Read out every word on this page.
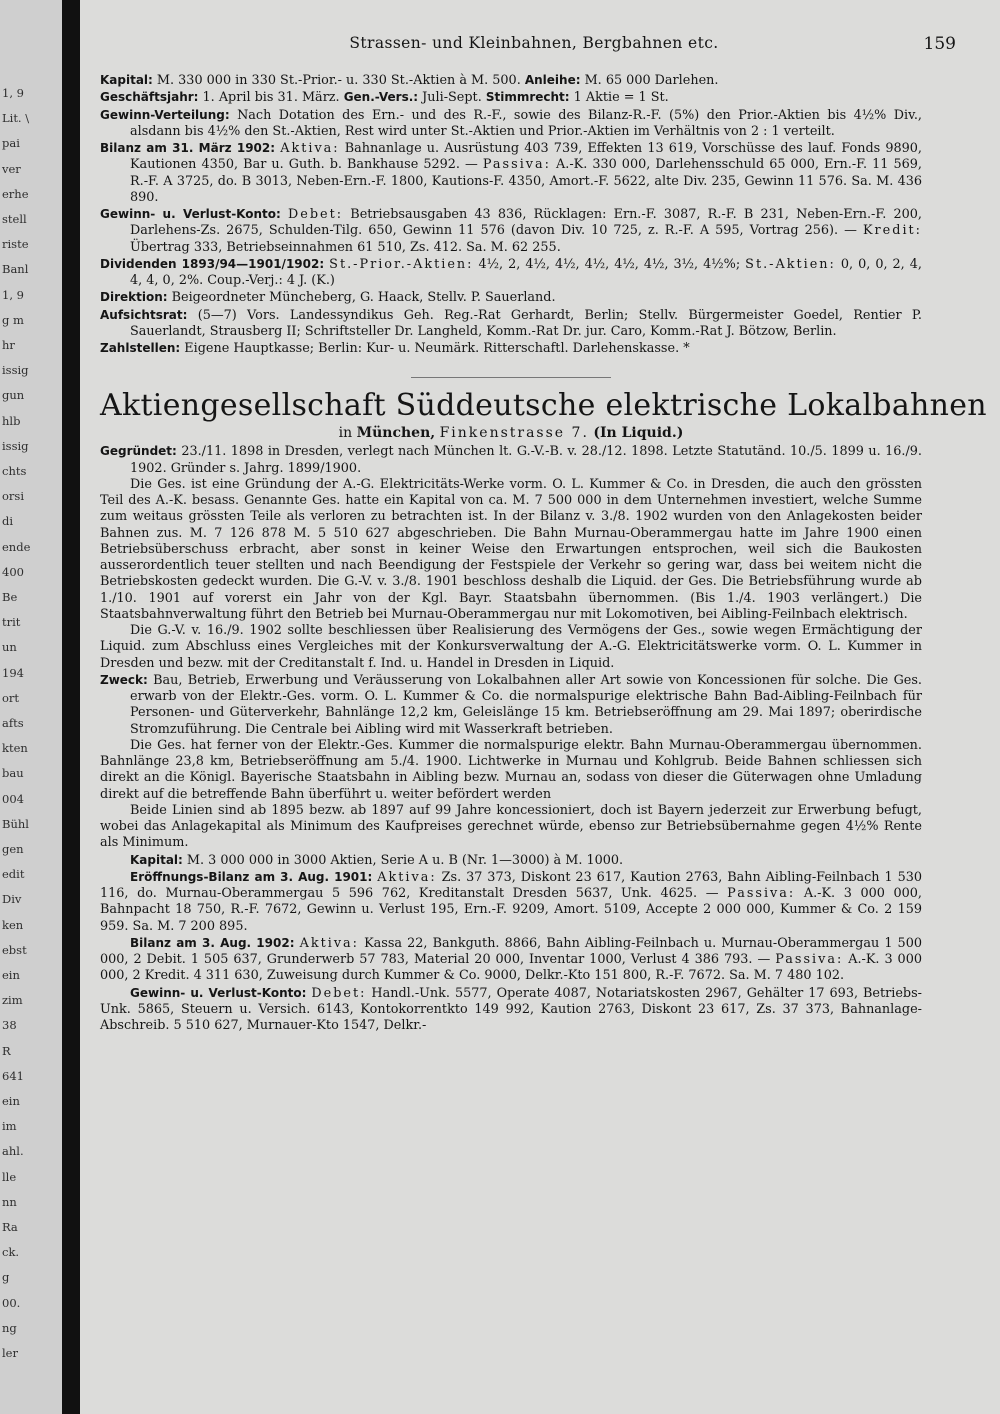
1, 9
Lit. \
pai
ver
erhe
stell
riste
Banl
1, 9
g m
hr
issig
gun
hlb
issig
chts
orsi
di
ende
400
Be
trit
un
194
ort
afts
kten
bau
004
Bühl
gen
edit
Div
ken
ebst
ein
zim
38
R
641
ein
im
ahl.
lle
nn
Ra
ck.
g
00.
ng
ler
Strassen- und Kleinbahnen, Bergbahnen etc.	159

Kapital: M. 330 000 in 330 St.-Prior.- u. 330 St.-Aktien à M. 500. Anleihe: M. 65 000 Darlehen.

Geschäftsjahr: 1. April bis 31. März. Gen.-Vers.: Juli-Sept. Stimmrecht: 1 Aktie = 1 St.

Gewinn-Verteilung: Nach Dotation des Ern.- und des R.-F., sowie des Bilanz-R.-F. (5%) den Prior.-Aktien bis 4½% Div., alsdann bis 4½% den St.-Aktien, Rest wird unter St.-Aktien und Prior.-Aktien im Verhältnis von 2 : 1 verteilt.

Bilanz am 31. März 1902: Aktiva: Bahnanlage u. Ausrüstung 403 739, Effekten 13 619, Vorschüsse des lauf. Fonds 9890, Kautionen 4350, Bar u. Guth. b. Bankhause 5292. — Passiva: A.-K. 330 000, Darlehensschuld 65 000, Ern.-F. 11 569, R.-F. A 3725, do. B 3013, Neben-Ern.-F. 1800, Kautions-F. 4350, Amort.-F. 5622, alte Div. 235, Gewinn 11 576. Sa. M. 436 890.

Gewinn- u. Verlust-Konto: Debet: Betriebsausgaben 43 836, Rücklagen: Ern.-F. 3087, R.-F. B 231, Neben-Ern.-F. 200, Darlehens-Zs. 2675, Schulden-Tilg. 650, Gewinn 11 576 (davon Div. 10 725, z. R.-F. A 595, Vortrag 256). — Kredit: Übertrag 333, Betriebseinnahmen 61 510, Zs. 412. Sa. M. 62 255.

Dividenden 1893/94—1901/1902: St.-Prior.-Aktien: 4½, 2, 4½, 4½, 4½, 4½, 4½, 3½, 4½%; St.-Aktien: 0, 0, 0, 2, 4, 4, 4, 0, 2%. Coup.-Verj.: 4 J. (K.)

Direktion: Beigeordneter Müncheberg, G. Haack, Stellv. P. Sauerland.

Aufsichtsrat: (5—7) Vors. Landessyndikus Geh. Reg.-Rat Gerhardt, Berlin; Stellv. Bürgermeister Goedel, Rentier P. Sauerlandt, Strausberg II; Schriftsteller Dr. Langheld, Komm.-Rat Dr. jur. Caro, Komm.-Rat J. Bötzow, Berlin.

Zahlstellen: Eigene Hauptkasse; Berlin: Kur- u. Neumärk. Ritterschaftl. Darlehenskasse. *

Aktiengesellschaft Süddeutsche elektrische Lokalbahnen
in München, Finkenstrasse 7. (In Liquid.)

Gegründet: 23./11. 1898 in Dresden, verlegt nach München lt. G.-V.-B. v. 28./12. 1898. Letzte Statutänd. 10./5. 1899 u. 16./9. 1902. Gründer s. Jahrg. 1899/1900.

Die Ges. ist eine Gründung der A.-G. Elektricitäts-Werke vorm. O. L. Kummer & Co. in Dresden, die auch den grössten Teil des A.-K. besass. Genannte Ges. hatte ein Kapital von ca. M. 7 500 000 in dem Unternehmen investiert, welche Summe zum weitaus grössten Teile als verloren zu betrachten ist. In der Bilanz v. 3./8. 1902 wurden von den Anlagekosten beider Bahnen zus. M. 7 126 878 M. 5 510 627 abgeschrieben. Die Bahn Murnau-Oberammergau hatte im Jahre 1900 einen Betriebsüberschuss erbracht, aber sonst in keiner Weise den Erwartungen entsprochen, weil sich die Baukosten ausserordentlich teuer stellten und nach Beendigung der Festspiele der Verkehr so gering war, dass bei weitem nicht die Betriebskosten gedeckt wurden. Die G.-V. v. 3./8. 1901 beschloss deshalb die Liquid. der Ges. Die Betriebsführung wurde ab 1./10. 1901 auf vorerst ein Jahr von der Kgl. Bayr. Staatsbahn übernommen. (Bis 1./4. 1903 verlängert.) Die Staatsbahnverwaltung führt den Betrieb bei Murnau-Oberammergau nur mit Lokomotiven, bei Aibling-Feilnbach elektrisch.

Die G.-V. v. 16./9. 1902 sollte beschliessen über Realisierung des Vermögens der Ges., sowie wegen Ermächtigung der Liquid. zum Abschluss eines Vergleiches mit der Konkursverwaltung der A.-G. Elektricitätswerke vorm. O. L. Kummer in Dresden und bezw. mit der Creditanstalt f. Ind. u. Handel in Dresden in Liquid.

Zweck: Bau, Betrieb, Erwerbung und Veräusserung von Lokalbahnen aller Art sowie von Koncessionen für solche. Die Ges. erwarb von der Elektr.-Ges. vorm. O. L. Kummer & Co. die normalspurige elektrische Bahn Bad-Aibling-Feilnbach für Personen- und Güterverkehr, Bahnlänge 12,2 km, Geleislänge 15 km. Betriebseröffnung am 29. Mai 1897; oberirdische Stromzuführung. Die Centrale bei Aibling wird mit Wasserkraft betrieben.

Die Ges. hat ferner von der Elektr.-Ges. Kummer die normalspurige elektr. Bahn Murnau-Oberammergau übernommen. Bahnlänge 23,8 km, Betriebseröffnung am 5./4. 1900. Lichtwerke in Murnau und Kohlgrub. Beide Bahnen schliessen sich direkt an die Königl. Bayerische Staatsbahn in Aibling bezw. Murnau an, sodass von dieser die Güterwagen ohne Umladung direkt auf die betreffende Bahn überführt u. weiter befördert werden

Beide Linien sind ab 1895 bezw. ab 1897 auf 99 Jahre koncessioniert, doch ist Bayern jederzeit zur Erwerbung befugt, wobei das Anlagekapital als Minimum des Kaufpreises gerechnet würde, ebenso zur Betriebsübernahme gegen 4½% Rente als Minimum.

Kapital: M. 3 000 000 in 3000 Aktien, Serie A u. B (Nr. 1—3000) à M. 1000.

Eröffnungs-Bilanz am 3. Aug. 1901: Aktiva: Zs. 37 373, Diskont 23 617, Kaution 2763, Bahn Aibling-Feilnbach 1 530 116, do. Murnau-Oberammergau 5 596 762, Kreditanstalt Dresden 5637, Unk. 4625. — Passiva: A.-K. 3 000 000, Bahnpacht 18 750, R.-F. 7672, Gewinn u. Verlust 195, Ern.-F. 9209, Amort. 5109, Accepte 2 000 000, Kummer & Co. 2 159 959. Sa. M. 7 200 895.

Bilanz am 3. Aug. 1902: Aktiva: Kassa 22, Bankguth. 8866, Bahn Aibling-Feilnbach u. Murnau-Oberammergau 1 500 000, 2 Debit. 1 505 637, Grunderwerb 57 783, Material 20 000, Inventar 1000, Verlust 4 386 793. — Passiva: A.-K. 3 000 000, 2 Kredit. 4 311 630, Zuweisung durch Kummer & Co. 9000, Delkr.-Kto 151 800, R.-F. 7672. Sa. M. 7 480 102.

Gewinn- u. Verlust-Konto: Debet: Handl.-Unk. 5577, Operate 4087, Notariatskosten 2967, Gehälter 17 693, Betriebs-Unk. 5865, Steuern u. Versich. 6143, Kontokorrentkto 149 992, Kaution 2763, Diskont 23 617, Zs. 37 373, Bahnanlage-Abschreib. 5 510 627, Murnauer-Kto 1547, Delkr.-
